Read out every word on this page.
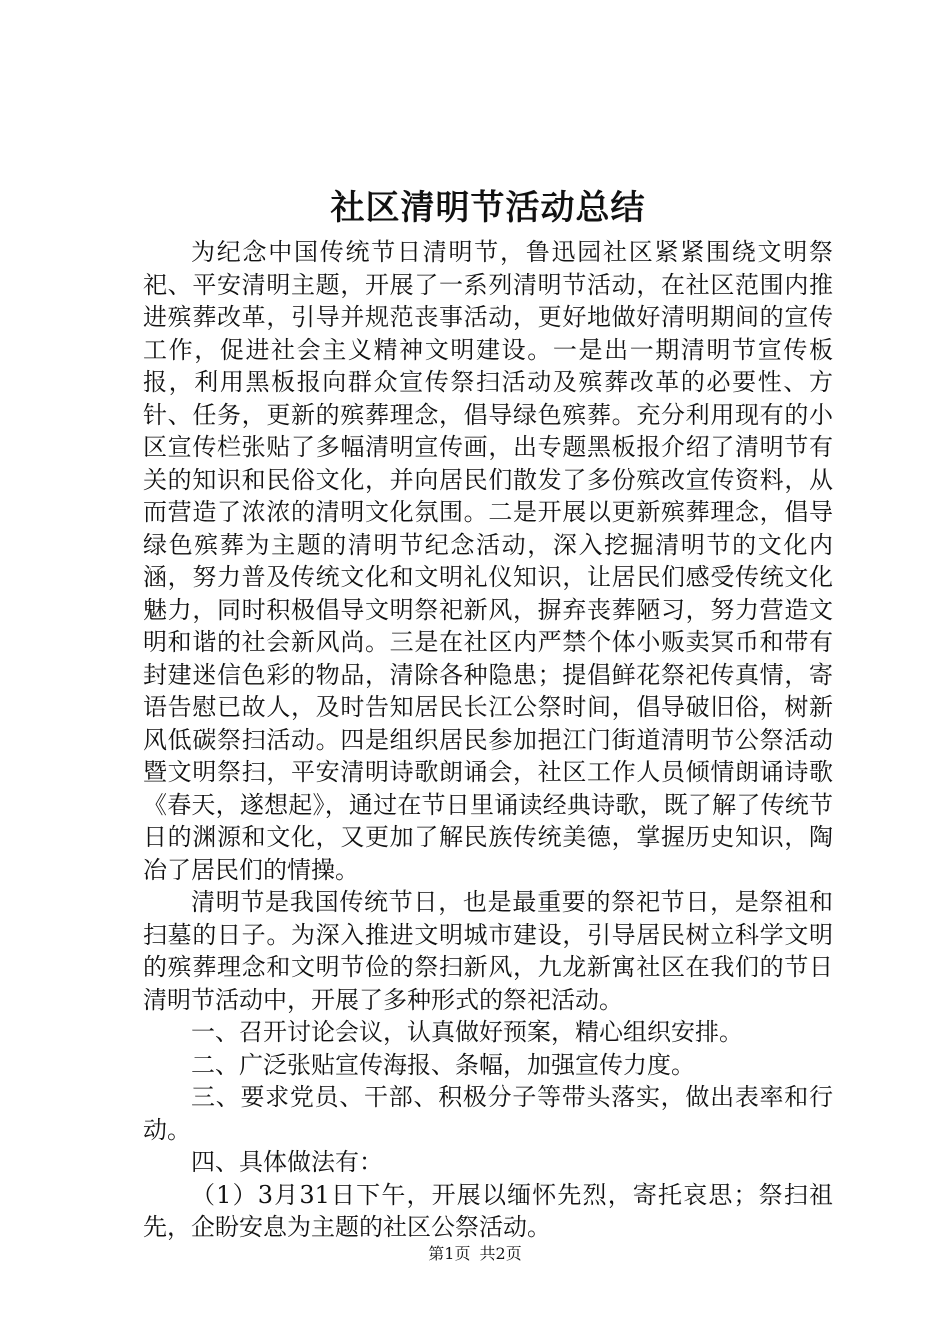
社区清明节活动总结

为纪念中国传统节日清明节，鲁迅园社区紧紧围绕文明祭祀、平安清明主题，开展了一系列清明节活动，在社区范围内推进殡葬改革，引导并规范丧事活动，更好地做好清明期间的宣传工作，促进社会主义精神文明建设。一是出一期清明节宣传板报，利用黑板报向群众宣传祭扫活动及殡葬改革的必要性、方针、任务，更新的殡葬理念，倡导绿色殡葬。充分利用现有的小区宣传栏张贴了多幅清明宣传画，出专题黑板报介绍了清明节有关的知识和民俗文化，并向居民们散发了多份殡改宣传资料，从而营造了浓浓的清明文化氛围。二是开展以更新殡葬理念，倡导绿色殡葬为主题的清明节纪念活动，深入挖掘清明节的文化内涵，努力普及传统文化和文明礼仪知识，让居民们感受传统文化魅力，同时积极倡导文明祭祀新风，摒弃丧葬陋习，努力营造文明和谐的社会新风尚。三是在社区内严禁个体小贩卖冥币和带有封建迷信色彩的物品，清除各种隐患；提倡鲜花祭祀传真情，寄语告慰已故人，及时告知居民长江公祭时间，倡导破旧俗，树新风低碳祭扫活动。四是组织居民参加挹江门街道清明节公祭活动暨文明祭扫，平安清明诗歌朗诵会，社区工作人员倾情朗诵诗歌《春天，遂想起》，通过在节日里诵读经典诗歌，既了解了传统节日的渊源和文化，又更加了解民族传统美德，掌握历史知识，陶冶了居民们的情操。

清明节是我国传统节日，也是最重要的祭祀节日，是祭祖和扫墓的日子。为深入推进文明城市建设，引导居民树立科学文明的殡葬理念和文明节俭的祭扫新风，九龙新寓社区在我们的节日清明节活动中，开展了多种形式的祭祀活动。

一、召开讨论会议，认真做好预案，精心组织安排。

二、广泛张贴宣传海报、条幅，加强宣传力度。

三、要求党员、干部、积极分子等带头落实，做出表率和行动。

四、具体做法有：

（1）3月31日下午，开展以缅怀先烈，寄托哀思；祭扫祖先，企盼安息为主题的社区公祭活动。

第1页 共2页
